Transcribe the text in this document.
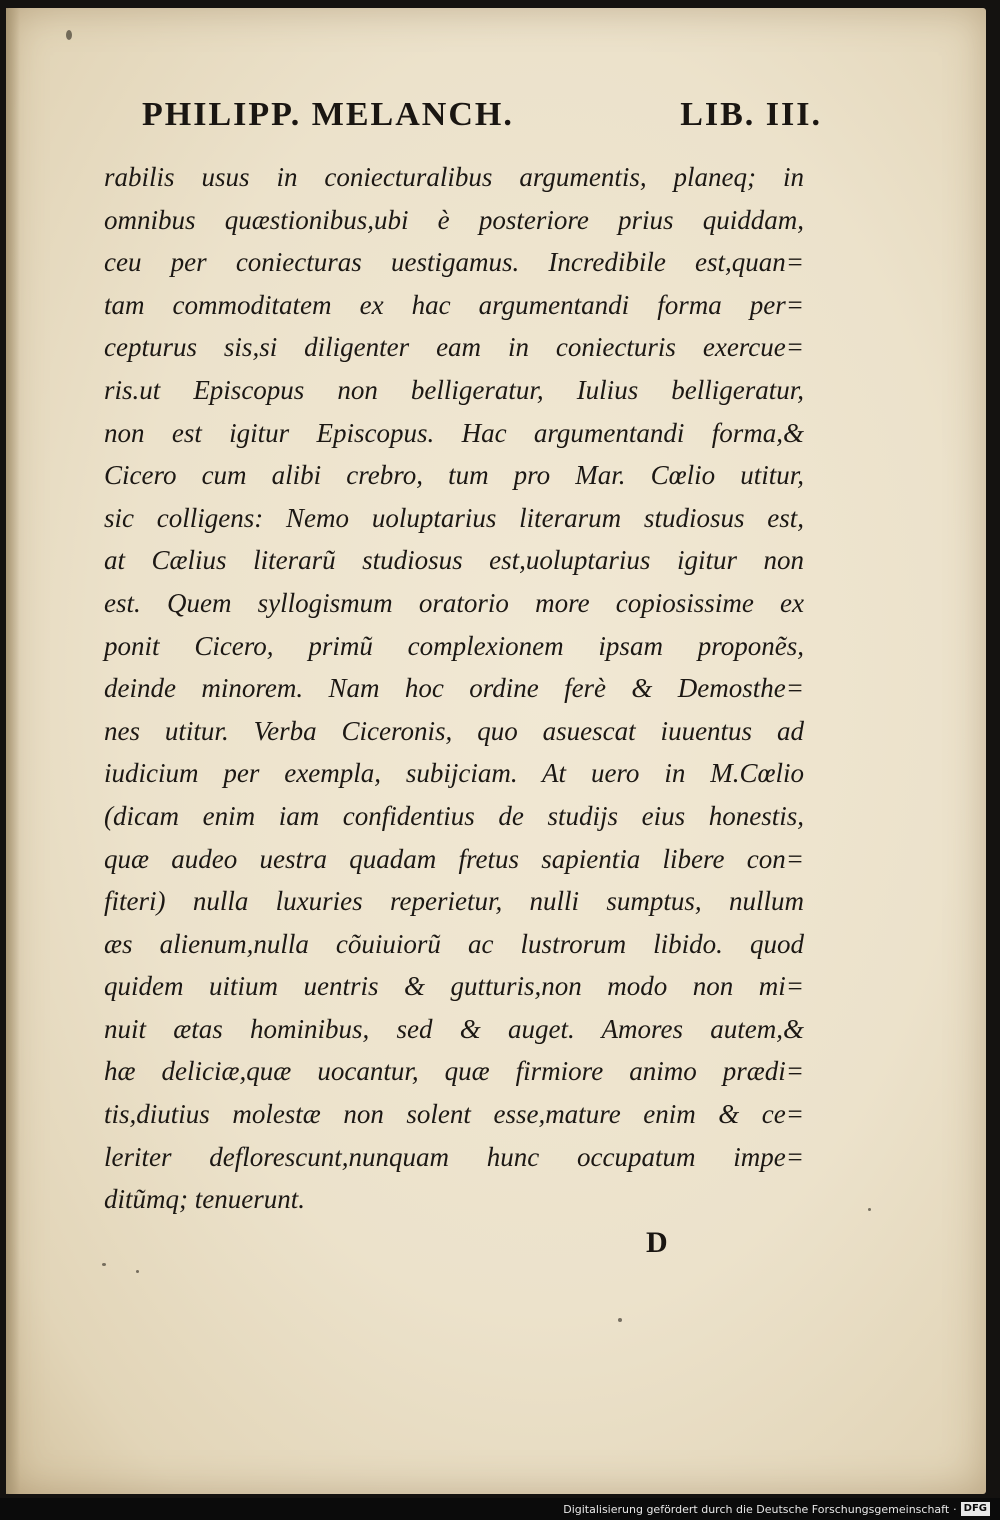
PHILIPP. MELANCH.	LIB. III.
rabilis usus in coniecturalibus argumentis, planeq; in
omnibus quæstionibus,ubi è posteriore prius quiddam,
ceu per coniecturas uestigamus. Incredibile est,quan=
tam commoditatem ex hac argumentandi forma per=
cepturus sis,si diligenter eam in coniecturis exercue=
ris.ut Episcopus non belligeratur, Iulius belligeratur,
non est igitur Episcopus. Hac argumentandi forma,&
Cicero cum alibi crebro, tum pro Mar. Cœlio utitur,
sic colligens: Nemo uoluptarius literarum studiosus est,
at Cælius literarũ studiosus est,uoluptarius igitur non
est. Quem syllogismum oratorio more copiosissime ex
ponit Cicero, primũ complexionem ipsam proponẽs,
deinde minorem. Nam hoc ordine ferè & Demosthe=
nes utitur. Verba Ciceronis, quo asuescat iuuentus ad
iudicium per exempla, subijciam. At uero in M.Cœlio
(dicam enim iam confidentius de studijs eius honestis,
quæ audeo uestra quadam fretus sapientia libere con=
fiteri) nulla luxuries reperietur, nulli sumptus, nullum
æs alienum,nulla cõuiuiorũ ac lustrorum libido. quod
quidem uitium uentris & gutturis,non modo non mi=
nuit ætas hominibus, sed & auget. Amores autem,&
hæ deliciæ,quæ uocantur, quæ firmiore animo prædi=
tis,diutius molestæ non solent esse,mature enim & ce=
leriter deflorescunt,nunquam hunc occupatum impe=
ditũmq; tenuerunt.
D
Digitalisierung gefördert durch die Deutsche Forschungsgemeinschaft · DFG
